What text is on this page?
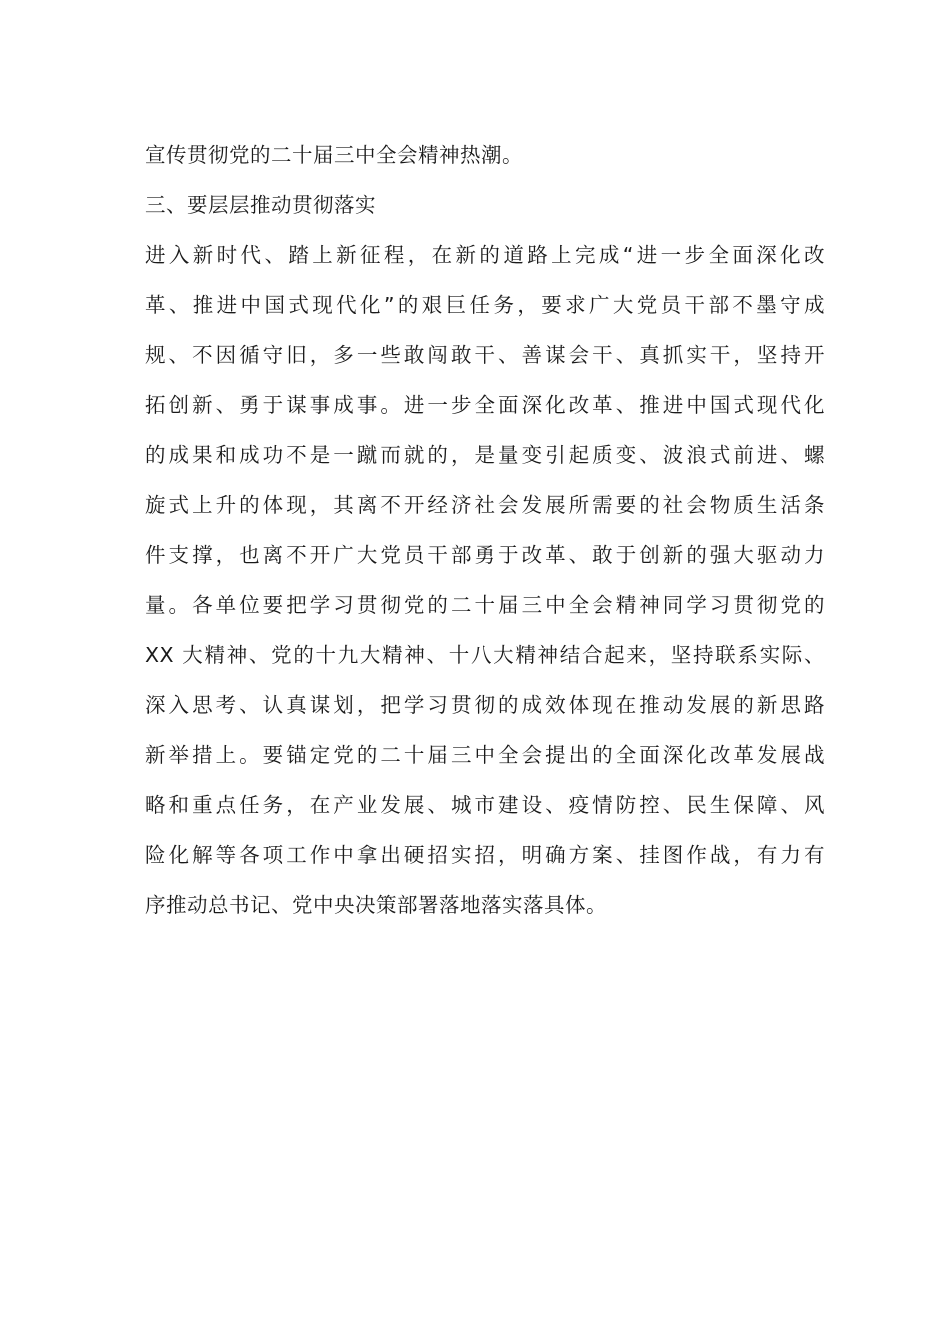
宣传贯彻党的二十届三中全会精神热潮。
三、要层层推动贯彻落实
进入新时代、踏上新征程，在新的道路上完成“进一步全面深化改
革、推进中国式现代化”的艰巨任务，要求广大党员干部不墨守成
规、不因循守旧，多一些敢闯敢干、善谋会干、真抓实干，坚持开
拓创新、勇于谋事成事。进一步全面深化改革、推进中国式现代化
的成果和成功不是一蹴而就的，是量变引起质变、波浪式前进、螺
旋式上升的体现，其离不开经济社会发展所需要的社会物质生活条
件支撑，也离不开广大党员干部勇于改革、敢于创新的强大驱动力
量。各单位要把学习贯彻党的二十届三中全会精神同学习贯彻党的
XX 大精神、党的十九大精神、十八大精神结合起来，坚持联系实际、
深入思考、认真谋划，把学习贯彻的成效体现在推动发展的新思路
新举措上。要锚定党的二十届三中全会提出的全面深化改革发展战
略和重点任务，在产业发展、城市建设、疫情防控、民生保障、风
险化解等各项工作中拿出硬招实招，明确方案、挂图作战，有力有
序推动总书记、党中央决策部署落地落实落具体。
